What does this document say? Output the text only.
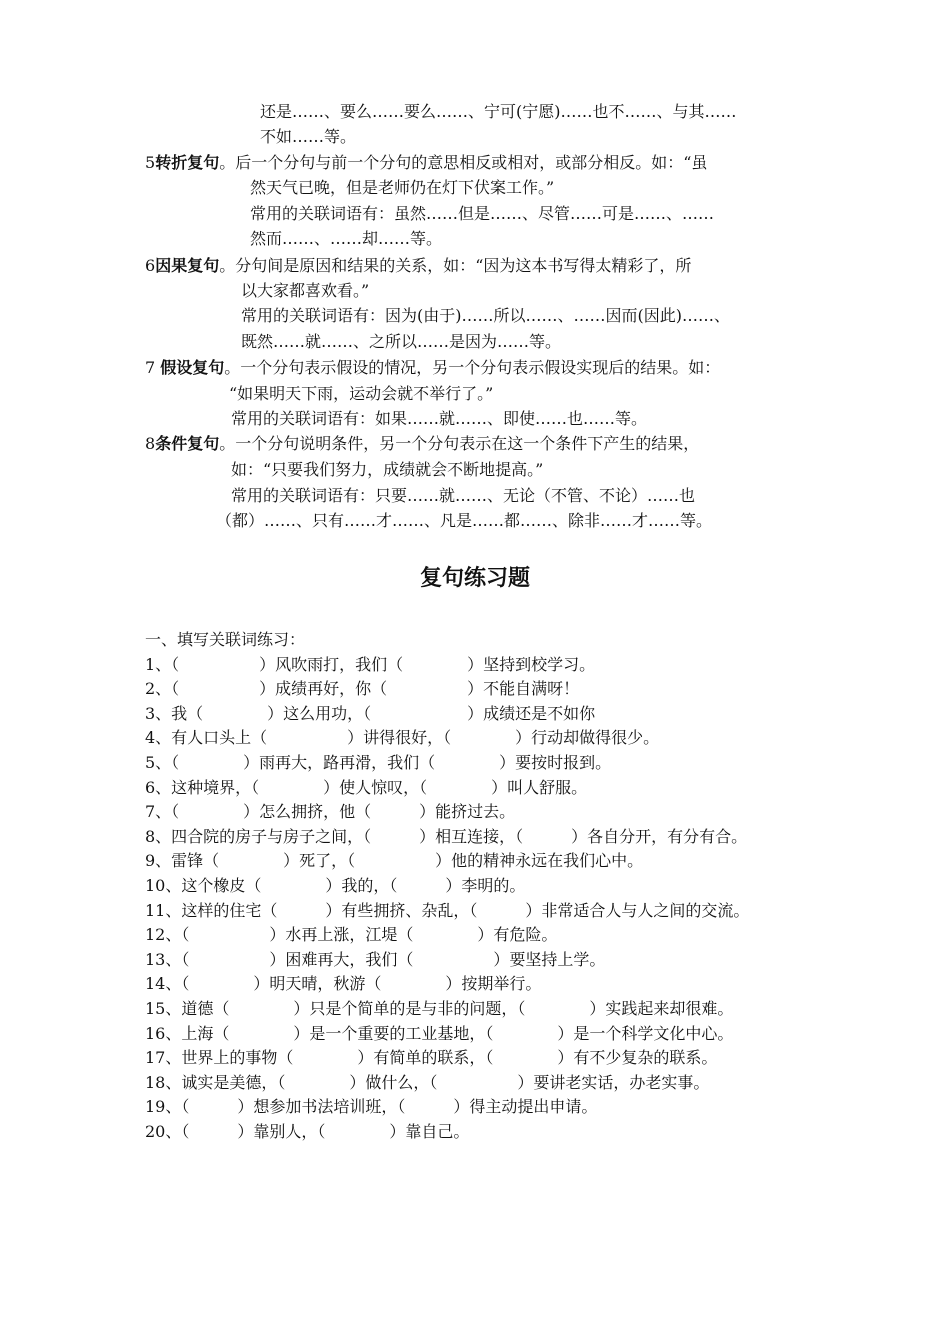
还是……、要么……要么……、宁可(宁愿)……也不……、与其……
不如……等。
5转折复句。后一个分句与前一个分句的意思相反或相对，或部分相反。如：“虽
然天气已晚，但是老师仍在灯下伏案工作。”
常用的关联词语有：虽然……但是……、尽管……可是……、……
然而……、……却……等。
6因果复句。分句间是原因和结果的关系，如：“因为这本书写得太精彩了，所
以大家都喜欢看。”
常用的关联词语有：因为(由于)……所以……、……因而(因此)……、
既然……就……、之所以……是因为……等。
7 假设复句。一个分句表示假设的情况，另一个分句表示假设实现后的结果。如：
“如果明天下雨，运动会就不举行了。”
常用的关联词语有：如果……就……、即使……也……等。
8条件复句。一个分句说明条件，另一个分句表示在这一个条件下产生的结果，
如：“只要我们努力，成绩就会不断地提高。”
常用的关联词语有：只要……就……、无论（不管、不论）……也
（都）……、只有……才……、凡是……都……、除非……才……等。
复句练习题
一、填写关联词练习：
1、（　　　　　）风吹雨打，我们（　　　　）坚持到校学习。
2、（　　　　　）成绩再好，你（　　　　　）不能自满呀！
3、我（　　　　）这么用功，（　　　　　　）成绩还是不如你
4、有人口头上（　　　　　）讲得很好，（　　　　）行动却做得很少。
5、（　　　　）雨再大，路再滑，我们（　　　　）要按时报到。
6、这种境界，（　　　　）使人惊叹，（　　　　）叫人舒服。
7、（　　　　）怎么拥挤，他（　　　）能挤过去。
8、四合院的房子与房子之间，（　　　）相互连接，（　　　）各自分开，有分有合。
9、雷锋（　　　　）死了，（　　　　　）他的精神永远在我们心中。
10、这个橡皮（　　　　）我的，（　　　）李明的。
11、这样的住宅（　　　）有些拥挤、杂乱，（　　　）非常适合人与人之间的交流。
12、（　　　　　）水再上涨，江堤（　　　　）有危险。
13、（　　　　　）困难再大，我们（　　　　　）要坚持上学。
14、（　　　　）明天晴，秋游（　　　　）按期举行。
15、道德（　　　　）只是个简单的是与非的问题，（　　　　）实践起来却很难。
16、上海（　　　　）是一个重要的工业基地，（　　　　）是一个科学文化中心。
17、世界上的事物（　　　　）有简单的联系，（　　　　）有不少复杂的联系。
18、诚实是美德，（　　　　）做什么，（　　　　　）要讲老实话，办老实事。
19、（　　　）想参加书法培训班，（　　　）得主动提出申请。
20、（　　　）靠别人，（　　　　）靠自己。
